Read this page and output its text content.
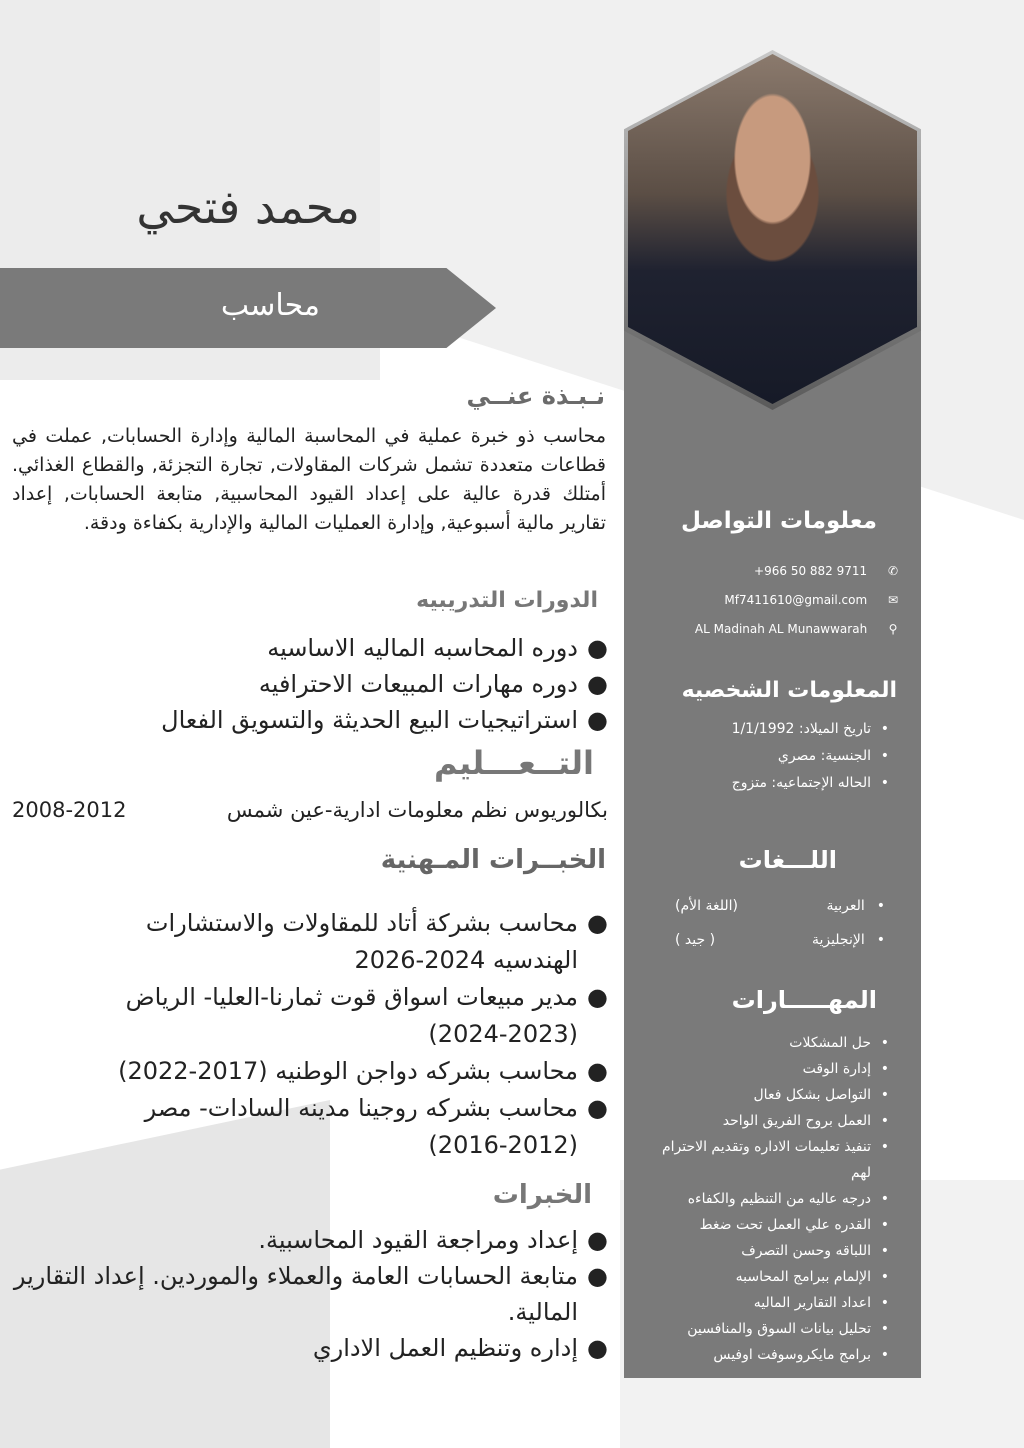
معلومات التواصل
✆ +966 50 882 9711
✉ Mf7411610@gmail.com
⚲ AL Madinah AL Munawwarah
المعلومات الشخصيه
•
تاريخ الميلاد: 1/1/1992
•
الجنسية: مصري
•
الحاله الإجتماعيه: متزوج
اللـــغات
• العربية
(اللغة الأم)
• الإنجليزية
( جيد )
المهـــــارات
•
حل المشكلات
•
إدارة الوقت
•
التواصل بشكل فعال
•
العمل بروح الفريق الواحد
•
تنفيذ تعليمات الاداره وتقديم الاحترام لهم
•
درجه عاليه من التنظيم والكفاءه
•
القدره علي العمل تحت ضغط
•
اللباقه وحسن التصرف
•
الإلمام ببرامج المحاسبه
•
اعداد التقارير الماليه
•
تحليل بيانات السوق والمنافسين
•
برامج مايكروسوفت اوفيس
محمد فتحي
محاسب
نـبـذة عنــي
محاسب ذو خبرة عملية في المحاسبة المالية وإدارة الحسابات, عملت في قطاعات متعددة تشمل شركات المقاولات, تجارة التجزئة, والقطاع الغذائي. أمتلك قدرة عالية على إعداد القيود المحاسبية, متابعة الحسابات, إعداد تقارير مالية أسبوعية, وإدارة العمليات المالية والإدارية بكفاءة ودقة.
الدورات التدريبيه
●
دوره المحاسبه الماليه الاساسيه
●
دوره مهارات المبيعات الاحترافيه
●
استراتيجيات البيع الحديثة والتسويق الفعال
التــعـــليم
بكالوريوس نظم معلومات ادارية-عين شمس
2008-2012
الخبــرات المـهنية
●
محاسب بشركة أتاد للمقاولات والاستشارات الهندسيه 2024-2026
●
مدير مبيعات اسواق قوت ثمارنا-العليا- الرياض (2023-2024)
●
محاسب بشركه دواجن الوطنيه (2017-2022)
●
محاسب بشركه روجينا مدينه السادات- مصر (2012-2016)
الخبرات
●
إعداد ومراجعة القيود المحاسبية.
●
متابعة الحسابات العامة والعملاء والموردين. إعداد التقارير المالية.
●
إداره وتنظيم العمل الاداري
